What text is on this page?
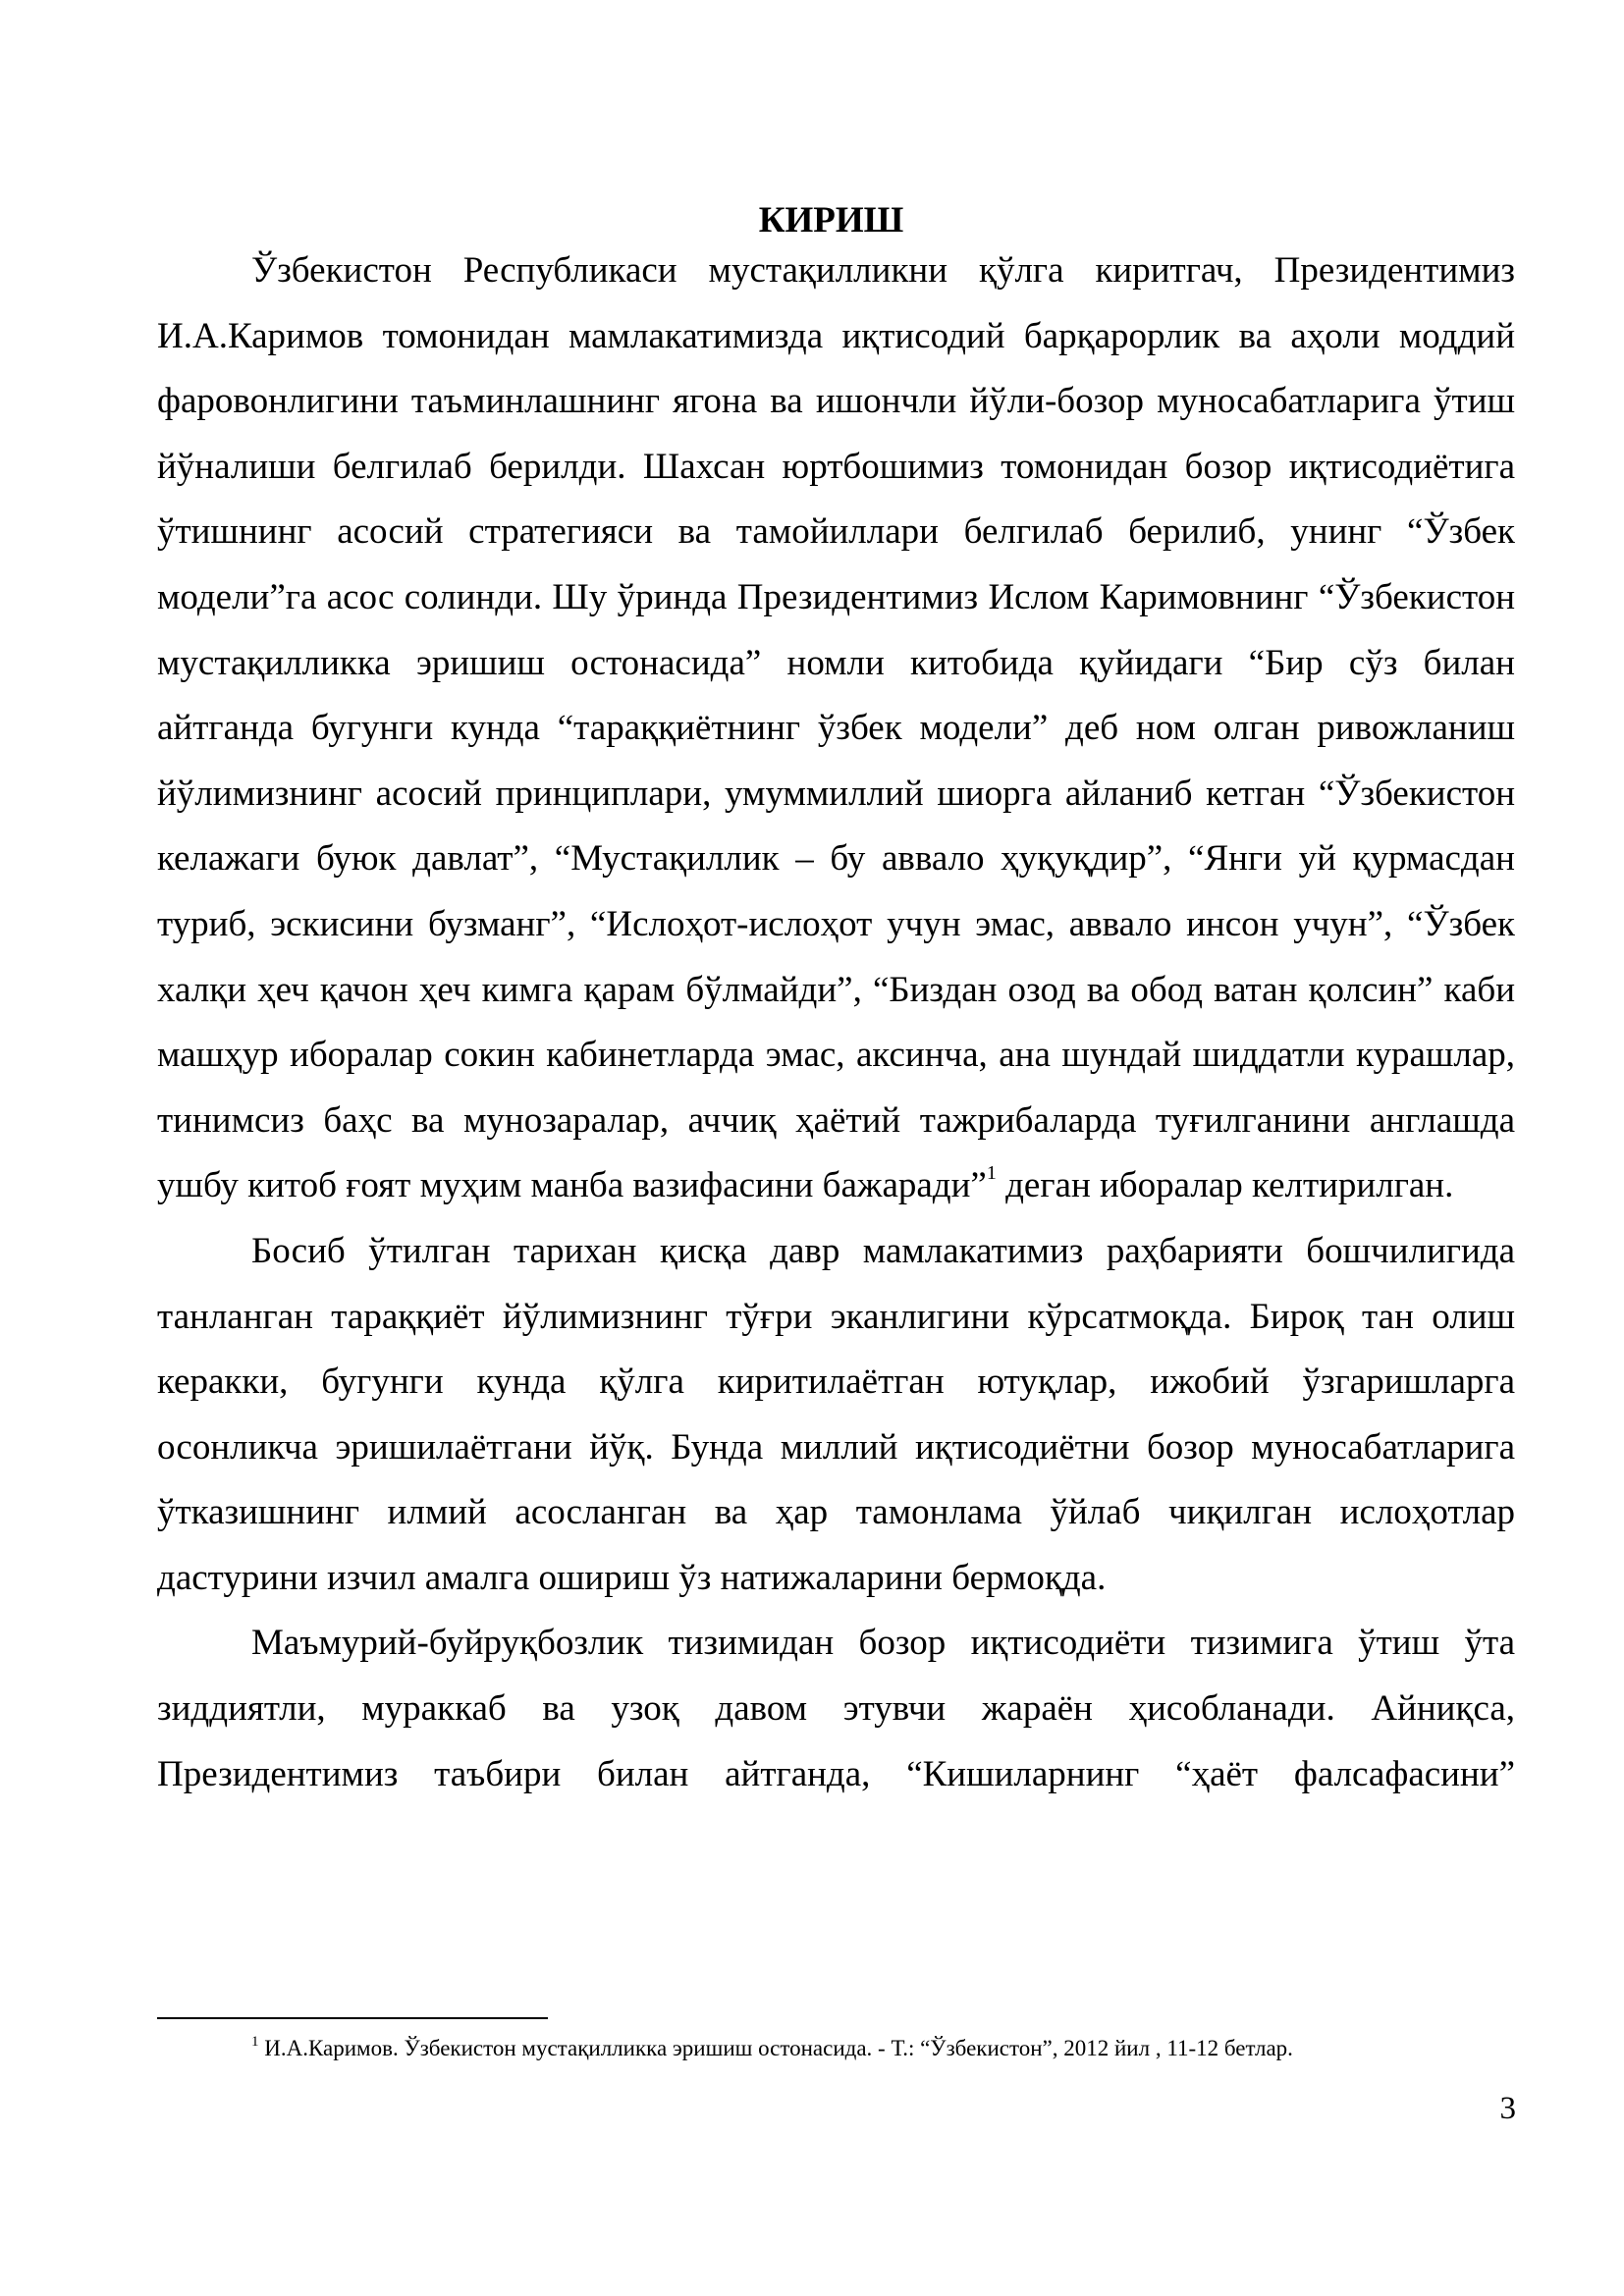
КИРИШ

Ўзбекистон Республикаси мустақилликни қўлга киритгач, Президентимиз И.А.Каримов томонидан мамлакатимизда иқтисодий барқарорлик ва аҳоли моддий фаровонлигини таъминлашнинг ягона ва ишончли йўли-бозор муносабатларига ўтиш йўналиши белгилаб берилди. Шахсан юртбошимиз томонидан бозор иқтисодиётига ўтишнинг асосий стратегияси ва тамойиллари белгилаб берилиб, унинг “Ўзбек модели”га асос солинди. Шу ўринда Президентимиз Ислом Каримовнинг “Ўзбекистон мустақилликка эришиш остонасида” номли китобида қуйидаги “Бир сўз билан айтганда бугунги кунда “тараққиётнинг ўзбек модели” деб ном олган ривожланиш йўлимизнинг асосий принциплари, умуммиллий шиорга айланиб кетган “Ўзбекистон келажаги буюк давлат”, “Мустақиллик – бу аввало ҳуқуқдир”, “Янги уй қурмасдан туриб, эскисини бузманг”, “Ислоҳот-ислоҳот учун эмас, аввало инсон учун”, “Ўзбек халқи ҳеч қачон ҳеч кимга қарам бўлмайди”, “Биздан озод ва обод ватан қолсин” каби машҳур иборалар сокин кабинетларда эмас, аксинча, ана шундай шиддатли курашлар, тинимсиз баҳс ва мунозаралар, аччиқ ҳаётий тажрибаларда туғилганини англашда ушбу китоб ғоят муҳим манба вазифасини бажаради”$^1$ деган иборалар келтирилган.

Босиб ўтилган тарихан қисқа давр мамлакатимиз раҳбарияти бошчилигида танланган тараққиёт йўлимизнинг тўғри эканлигини кўрсатмоқда. Бироқ тан олиш керакки, бугунги кунда қўлга киритилаётган ютуқлар, ижобий ўзгаришларга осонликча эришилаётгани йўқ. Бунда миллий иқтисодиётни бозор муносабатларига ўтказишнинг илмий асосланган ва ҳар тамонлама ўйлаб чиқилган ислоҳотлар дастурини изчил амалга ошириш ўз натижаларини бермоқда.

Маъмурий-буйруқбозлик тизимидан бозор иқтисодиёти тизимига ўтиш ўта зиддиятли, мураккаб ва узоқ давом этувчи жараён ҳисобланади. Айниқса, Президентимиз таъбири билан айтганда, “Кишиларнинг “ҳаёт фалсафасини”

$^1$ И.А.Каримов. Ўзбекистон мустақилликка эришиш остонасида. - Т.: “Ўзбекистон”, 2012 йил , 11-12 бетлар.

3
